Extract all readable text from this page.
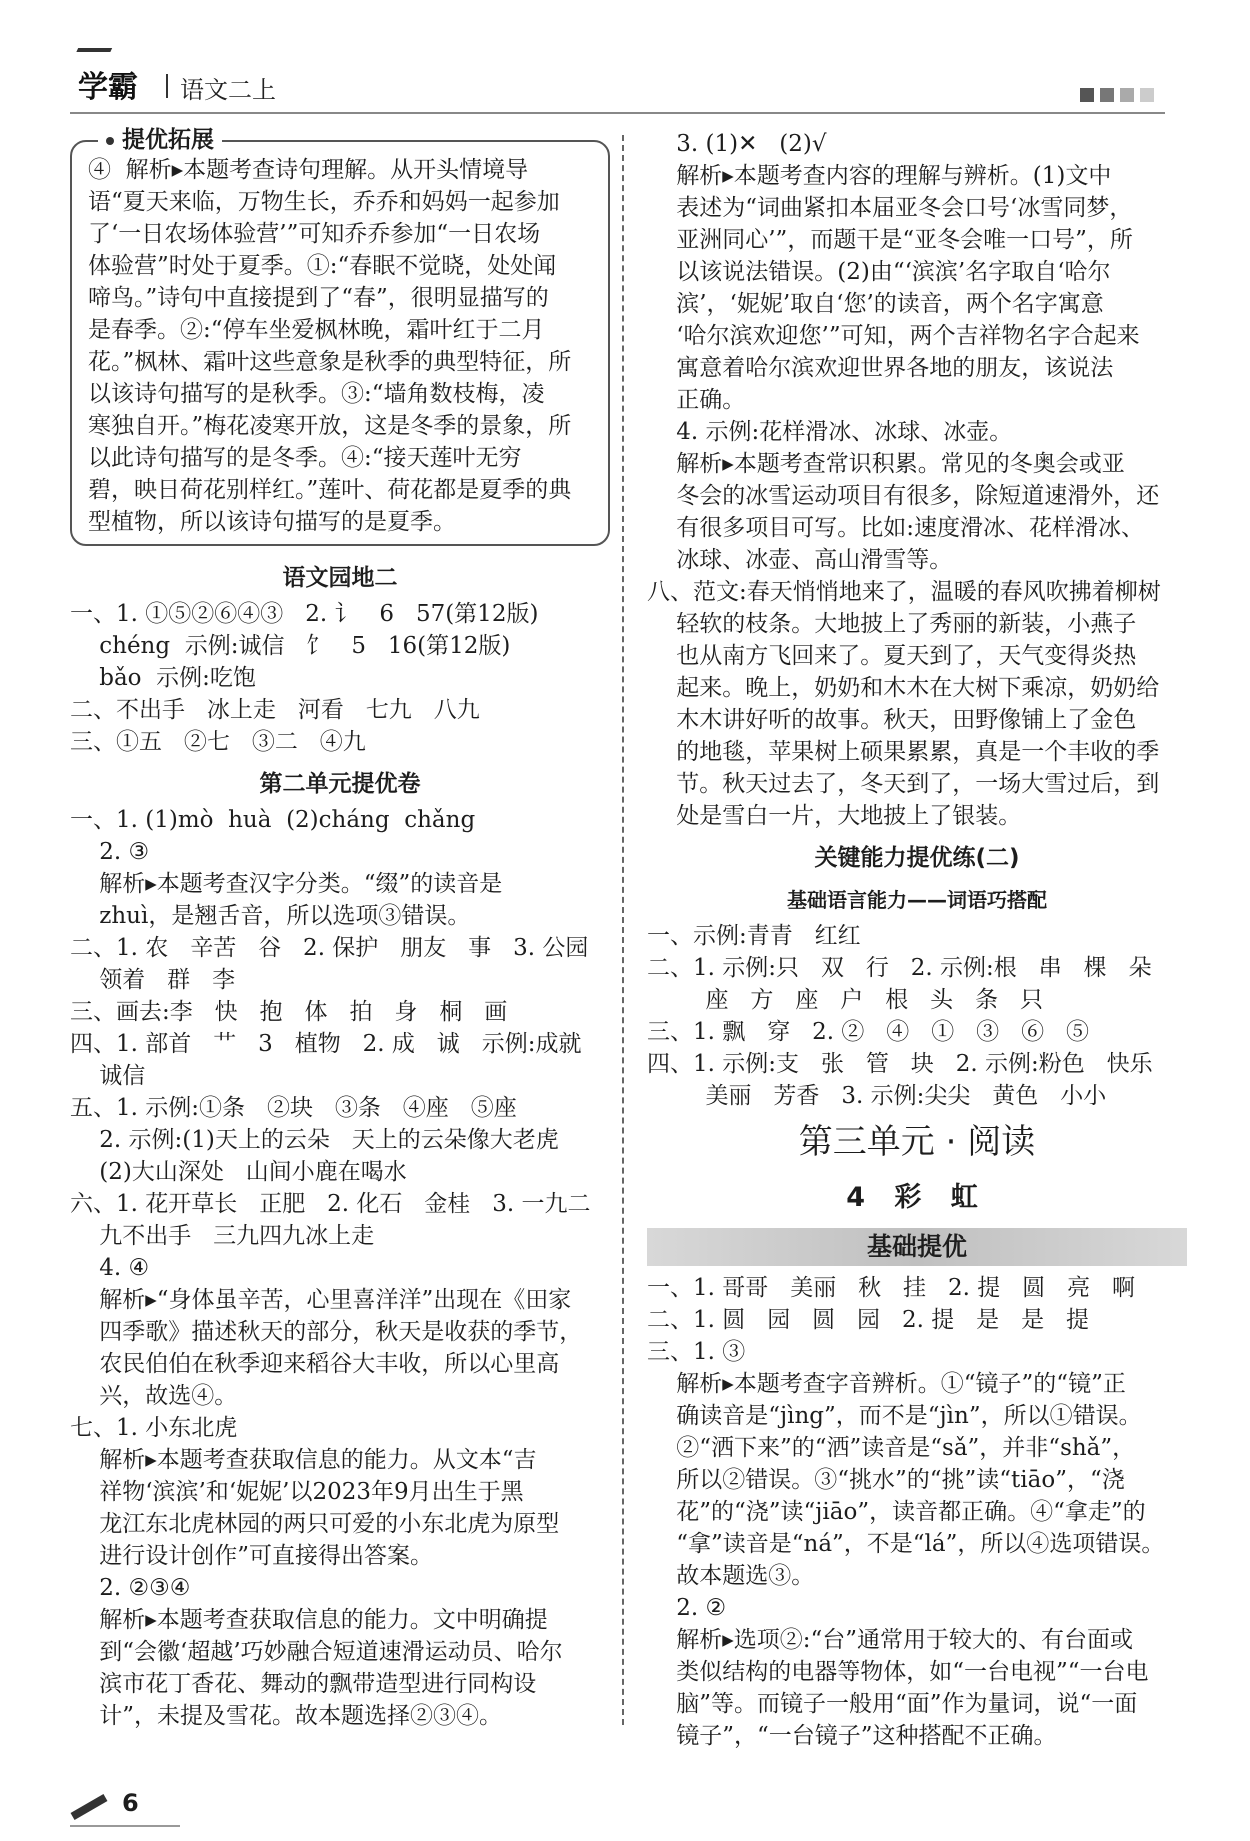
学霸 语文二上
提优拓展
④  解析▸本题考查诗句理解。从开头情境导
语“夏天来临，万物生长，乔乔和妈妈一起参加
了‘一日农场体验营’”可知乔乔参加“一日农场
体验营”时处于夏季。①:“春眠不觉晓，处处闻
啼鸟。”诗句中直接提到了“春”，很明显描写的
是春季。②:“停车坐爱枫林晚，霜叶红于二月
花。”枫林、霜叶这些意象是秋季的典型特征，所
以该诗句描写的是秋季。③:“墙角数枝梅，凌
寒独自开。”梅花凌寒开放，这是冬季的景象，所
以此诗句描写的是冬季。④:“接天莲叶无穷
碧，映日荷花别样红。”莲叶、荷花都是夏季的典
型植物，所以该诗句描写的是夏季。
语文园地二
一、1. ①⑤②⑥④③   2. 讠   6   57(第12版)
chéng  示例:诚信   饣   5   16(第12版)
bǎo  示例:吃饱
二、不出手   冰上走   河看   七九   八九
三、①五   ②七   ③二   ④九
第二单元提优卷
一、1. (1)mò  huà  (2)cháng  chǎng
2. ③
解析▸本题考查汉字分类。“缀”的读音是
zhuì，是翘舌音，所以选项③错误。
二、1. 农   辛苦   谷   2. 保护   朋友   事   3. 公园
领着   群   李
三、画去:李   快   抱   体   拍   身   桐   画
四、1. 部首   艹   3   植物   2. 成   诚   示例:成就
诚信
五、1. 示例:①条   ②块   ③条   ④座   ⑤座
2. 示例:(1)天上的云朵   天上的云朵像大老虎
(2)大山深处   山间小鹿在喝水
六、1. 花开草长   正肥   2. 化石   金桂   3. 一九二
九不出手   三九四九冰上走
4. ④
解析▸“身体虽辛苦，心里喜洋洋”出现在《田家
四季歌》描述秋天的部分，秋天是收获的季节，
农民伯伯在秋季迎来稻谷大丰收，所以心里高
兴，故选④。
七、1. 小东北虎
解析▸本题考查获取信息的能力。从文本“吉
祥物‘滨滨’和‘妮妮’以2023年9月出生于黑
龙江东北虎林园的两只可爱的小东北虎为原型
进行设计创作”可直接得出答案。
2. ②③④
解析▸本题考查获取信息的能力。文中明确提
到“会徽‘超越’巧妙融合短道速滑运动员、哈尔
滨市花丁香花、舞动的飘带造型进行同构设
计”，未提及雪花。故本题选择②③④。
3. (1)✕   (2)√
解析▸本题考查内容的理解与辨析。(1)文中
表述为“词曲紧扣本届亚冬会口号‘冰雪同梦，
亚洲同心’”，而题干是“亚冬会唯一口号”，所
以该说法错误。(2)由“‘滨滨’名字取自‘哈尔
滨’，‘妮妮’取自‘您’的读音，两个名字寓意
‘哈尔滨欢迎您’”可知，两个吉祥物名字合起来
寓意着哈尔滨欢迎世界各地的朋友，该说法
正确。
4. 示例:花样滑冰、冰球、冰壶。
解析▸本题考查常识积累。常见的冬奥会或亚
冬会的冰雪运动项目有很多，除短道速滑外，还
有很多项目可写。比如:速度滑冰、花样滑冰、
冰球、冰壶、高山滑雪等。
八、范文:春天悄悄地来了，温暖的春风吹拂着柳树
轻软的枝条。大地披上了秀丽的新装，小燕子
也从南方飞回来了。夏天到了，天气变得炎热
起来。晚上，奶奶和木木在大树下乘凉，奶奶给
木木讲好听的故事。秋天，田野像铺上了金色
的地毯，苹果树上硕果累累，真是一个丰收的季
节。秋天过去了，冬天到了，一场大雪过后，到
处是雪白一片，大地披上了银装。
关键能力提优练(二)
基础语言能力——词语巧搭配
一、示例:青青   红红
二、1. 示例:只   双   行   2. 示例:根   串   棵   朵
座   方   座   户   根   头   条   只
三、1. 飘   穿   2. ②   ④   ①   ③   ⑥   ⑤
四、1. 示例:支   张   管   块   2. 示例:粉色   快乐
美丽   芳香   3. 示例:尖尖   黄色   小小
第三单元 · 阅读
4 彩 虹
基础提优
一、1. 哥哥   美丽   秋   挂   2. 提   圆   亮   啊
二、1. 圆   园   圆   园   2. 提   是   是   提
三、1. ③
解析▸本题考查字音辨析。①“镜子”的“镜”正
确读音是“jìng”，而不是“jìn”，所以①错误。
②“洒下来”的“洒”读音是“sǎ”，并非“shǎ”，
所以②错误。③“挑水”的“挑”读“tiāo”，“浇
花”的“浇”读“jiāo”，读音都正确。④“拿走”的
“拿”读音是“ná”，不是“lá”，所以④选项错误。
故本题选③。
2. ②
解析▸选项②:“台”通常用于较大的、有台面或
类似结构的电器等物体，如“一台电视”“一台电
脑”等。而镜子一般用“面”作为量词，说“一面
镜子”，“一台镜子”这种搭配不正确。
6
